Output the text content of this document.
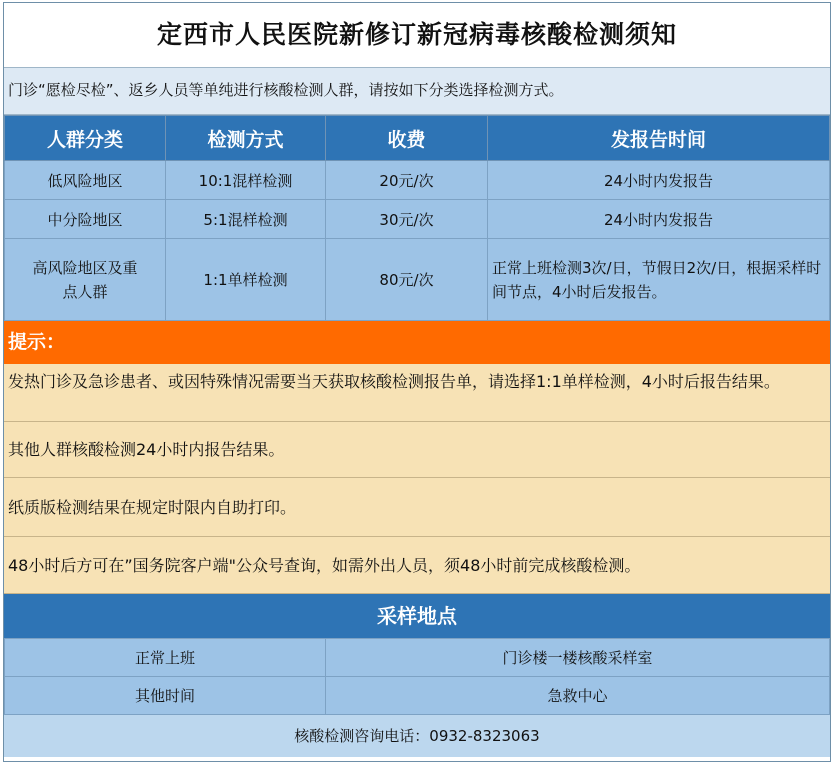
定西市人民医院新修订新冠病毒核酸检测须知
门诊“愿检尽检”、返乡人员等单纯进行核酸检测人群，请按如下分类选择检测方式。
人群分类	检测方式	收费	发报告时间
低风险地区	10:1混样检测	20元/次	24小时内发报告
中分险地区	5:1混样检测	30元/次	24小时内发报告
高风险地区及重点人群	1:1单样检测	80元/次	正常上班检测3次/日，节假日2次/日，根据采样时间节点，4小时后发报告。
提示：
发热门诊及急诊患者、或因特殊情况需要当天获取核酸检测报告单，请选择1:1单样检测，4小时后报告结果。
其他人群核酸检测24小时内报告结果。
纸质版检测结果在规定时限内自助打印。
48小时后方可在”国务院客户端"公众号查询，如需外出人员，须48小时前完成核酸检测。
采样地点
正常上班	门诊楼一楼核酸采样室
其他时间	急救中心
核酸检测咨询电话：0932-8323063
